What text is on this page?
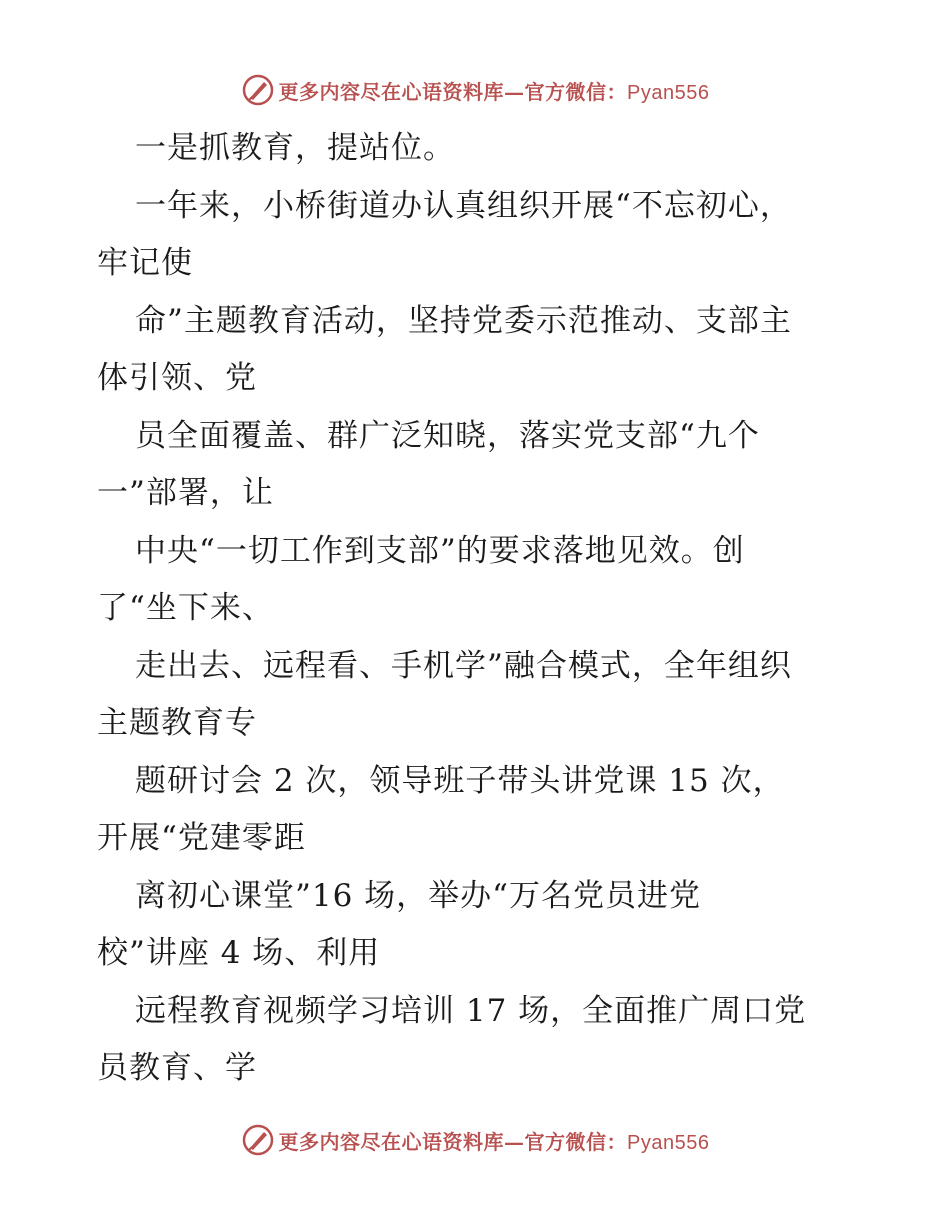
更多内容尽在心语资料库—官方微信：Pyan556
一是抓教育，提站位。
一年来，小桥街道办认真组织开展“不忘初心，
牢记使
命”主题教育活动，坚持党委示范推动、支部主
体引领、党
员全面覆盖、群广泛知晓，落实党支部“九个
一”部署，让
中央“一切工作到支部”的要求落地见效。创
了“坐下来、
走出去、远程看、手机学”融合模式，全年组织
主题教育专
题研讨会 2 次，领导班子带头讲党课 15 次，
开展“党建零距
离初心课堂”16 场，举办“万名党员进党
校”讲座 4 场、利用
远程教育视频学习培训 17 场，全面推广周口党
员教育、学
更多内容尽在心语资料库—官方微信：Pyan556
